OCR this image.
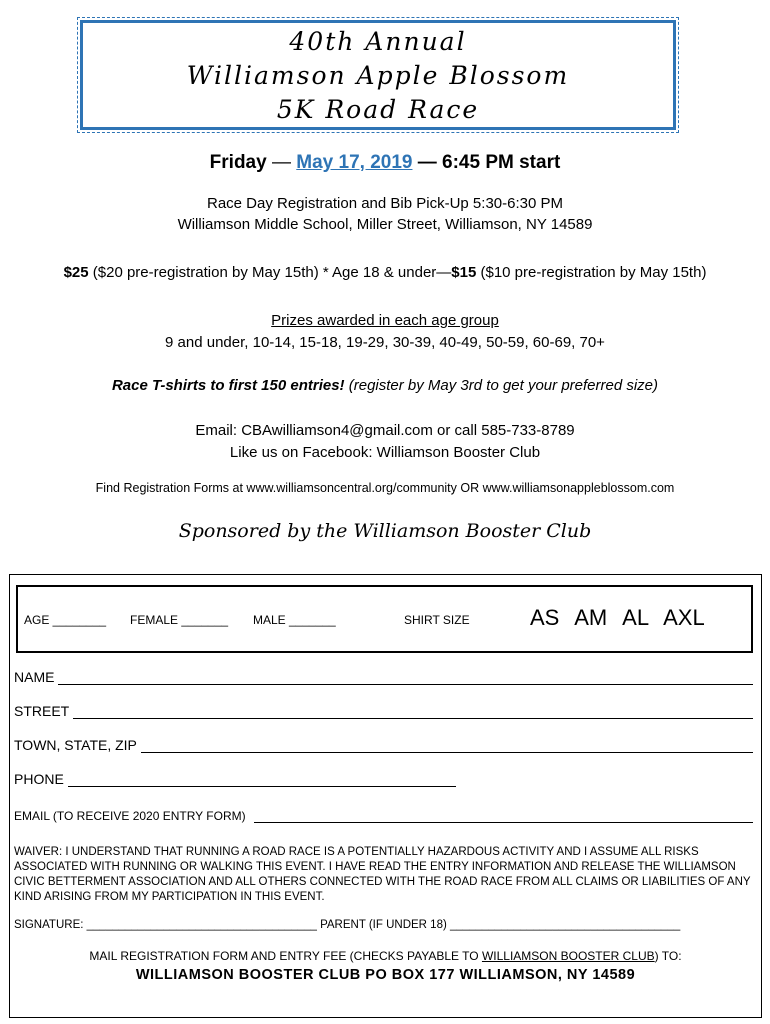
40th Annual
Williamson Apple Blossom
5K Road Race
Friday — May 17, 2019 — 6:45 PM start
Race Day Registration and Bib Pick-Up 5:30-6:30 PM
Williamson Middle School, Miller Street, Williamson, NY 14589
$25 ($20 pre-registration by May 15th) * Age 18 & under—$15 ($10 pre-registration by May 15th)
Prizes awarded in each age group
9 and under, 10-14, 15-18, 19-29, 30-39, 40-49, 50-59, 60-69, 70+
Race T-shirts to first 150 entries! (register by May 3rd to get your preferred size)
Email: CBAwilliamson4@gmail.com or call 585-733-8789
Like us on Facebook: Williamson Booster Club
Find Registration Forms at www.williamsoncentral.org/community OR www.williamsonappleblossom.com
Sponsored by the Williamson Booster Club
AGE ________ FEMALE _______ MALE _______	SHIRT SIZE	AS AM AL AXL
NAME
STREET
TOWN, STATE, ZIP
PHONE
EMAIL (TO RECEIVE 2020 ENTRY FORM)
WAIVER: I UNDERSTAND THAT RUNNING A ROAD RACE IS A POTENTIALLY HAZARDOUS ACTIVITY AND I ASSUME ALL RISKS ASSOCIATED WITH RUNNING OR WALKING THIS EVENT. I HAVE READ THE ENTRY INFORMATION AND RELEASE THE WILLIAMSON CIVIC BETTERMENT ASSOCIATION AND ALL OTHERS CONNECTED WITH THE ROAD RACE FROM ALL CLAIMS OR LIABILITIES OF ANY KIND ARISING FROM MY PARTICIPATION IN THIS EVENT.
SIGNATURE: ____________________________________ PARENT (IF UNDER 18) ____________________________________
MAIL REGISTRATION FORM AND ENTRY FEE (CHECKS PAYABLE TO WILLIAMSON BOOSTER CLUB) TO:
WILLIAMSON BOOSTER CLUB PO BOX 177 WILLIAMSON, NY 14589
